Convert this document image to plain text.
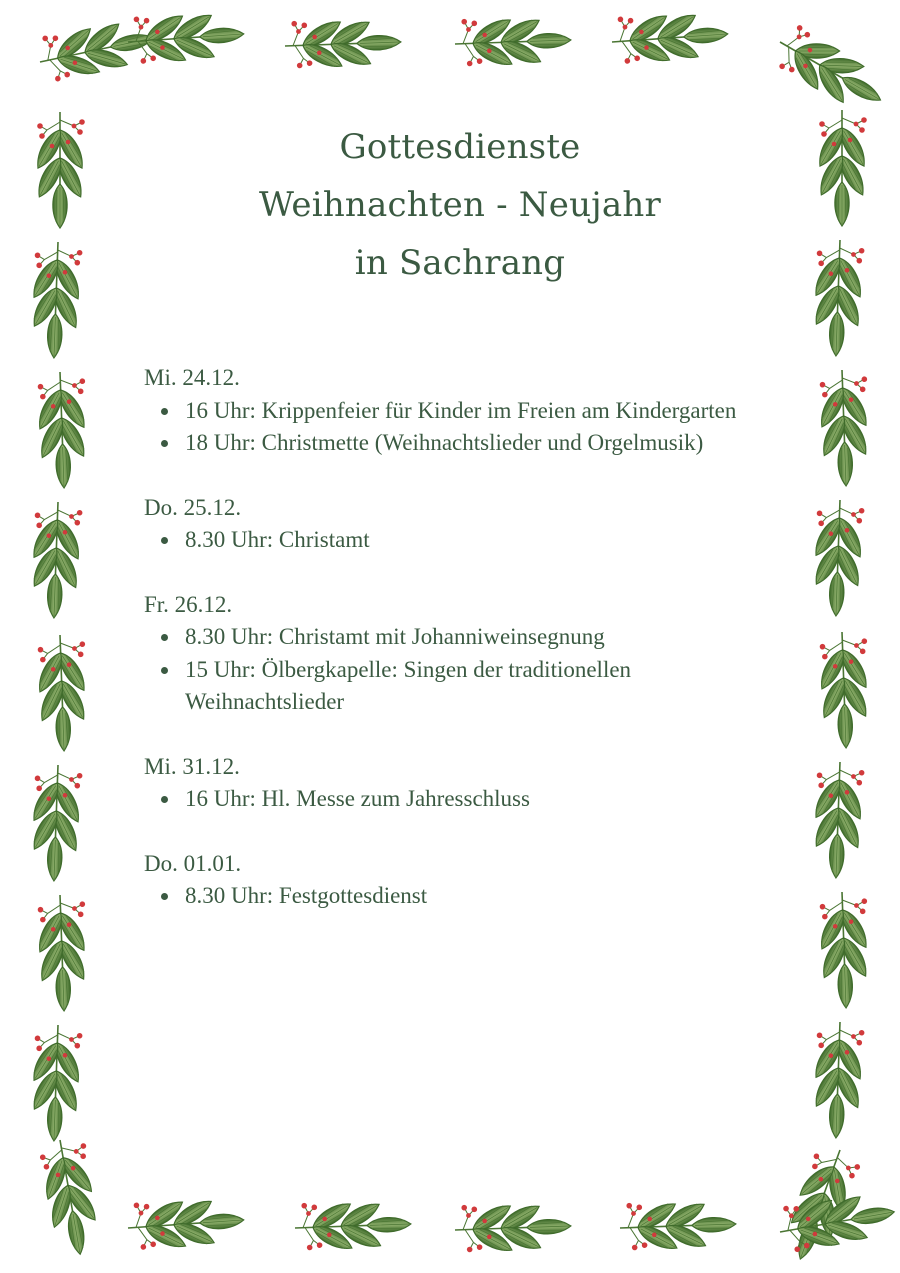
Gottesdienste
Weihnachten - Neujahr
in Sachrang
Mi. 24.12.
16 Uhr: Krippenfeier für Kinder im Freien am Kindergarten
18 Uhr: Christmette (Weihnachtslieder und Orgelmusik)
Do. 25.12.
8.30 Uhr: Christamt
Fr. 26.12.
8.30 Uhr: Christamt mit Johanniweinsegnung
15 Uhr: Ölbergkapelle: Singen der traditionellen Weihnachtslieder
Mi. 31.12.
16 Uhr: Hl. Messe zum Jahresschluss
Do. 01.01.
8.30 Uhr: Festgottesdienst
